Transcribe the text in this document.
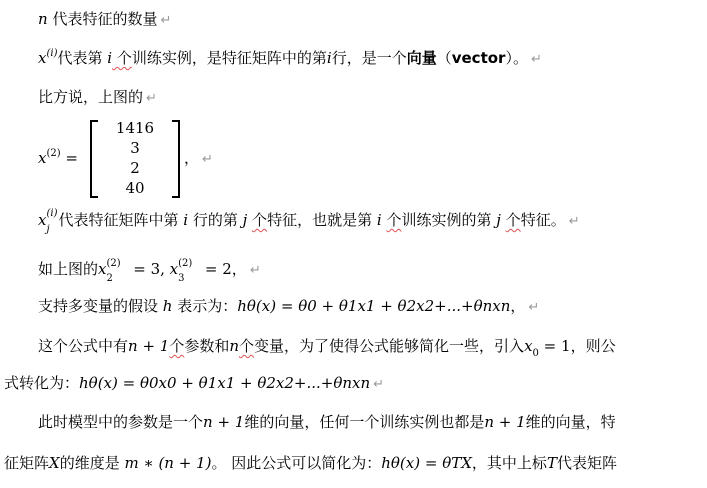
n 代表特征的数量 ↵
$x^{(i)}$代表第 i 个训练实例，是特征矩阵中的第i行，是一个向量（vector）。 ↵
比方说，上图的 ↵
$x^{(2)}$ =
1416
3
2
40
， ↵
x (i)
j
代表特征矩阵中第 i 行的第 j 个特征，也就是第 i 个训练实例的第 j 个特征。 ↵
如上图的x (2)
2
= 3, x (2)
3
= 2， ↵
支持多变量的假设 h 表示为：hθ(x) = θ0 + θ1x1 + θ2x2+...+θnxn， ↵
这个公式中有n + 1个参数和n个变量，为了使得公式能够简化一些，引入$x_0 = 1$，则公
式转化为：hθ(x) = θ0x0 + θ1x1 + θ2x2+...+θnxn ↵
此时模型中的参数是一个n + 1维的向量，任何一个训练实例也都是n + 1维的向量，特
征矩阵X的维度是 m ∗ (n + 1)。 因此公式可以简化为：hθ(x) = θTX，其中上标T代表矩阵
